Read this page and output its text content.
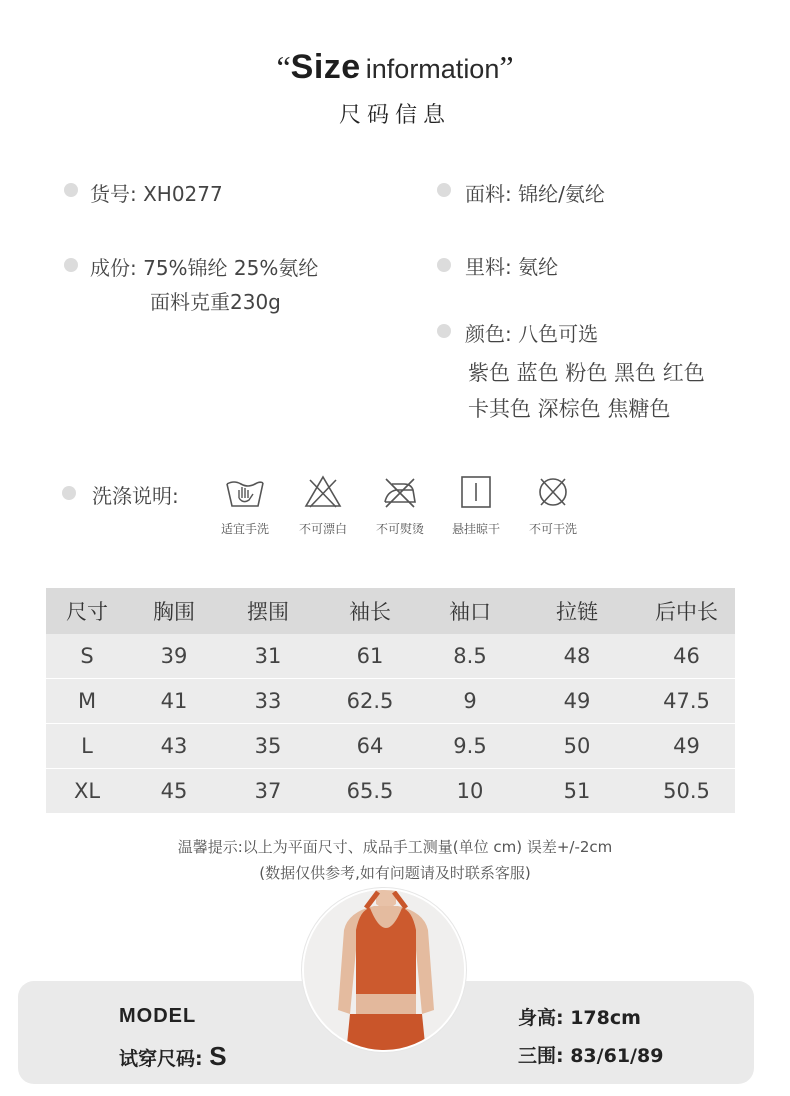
“Size information”
尺码信息
货号: XH0277	面料: 锦纶/氨纶
成份: 75%锦纶 25%氨纶
面料克重230g
里料: 氨纶
颜色: 八色可选
紫色 蓝色 粉色 黑色 红色
卡其色 深棕色 焦糖色
洗涤说明:
适宜手洗	不可漂白	不可熨烫	悬挂晾干	不可干洗
尺寸	胸围	摆围	袖长	袖口	拉链	后中长
S	39	31	61	8.5	48	46
M	41	33	62.5	9	49	47.5
L	43	35	64	9.5	50	49
XL	45	37	65.5	10	51	50.5
温馨提示:以上为平面尺寸、成品手工测量(单位 cm) 误差+/-2cm
(数据仅供参考,如有问题请及时联系客服)
MODEL
试穿尺码: S
身高: 178cm
三围: 83/61/89
